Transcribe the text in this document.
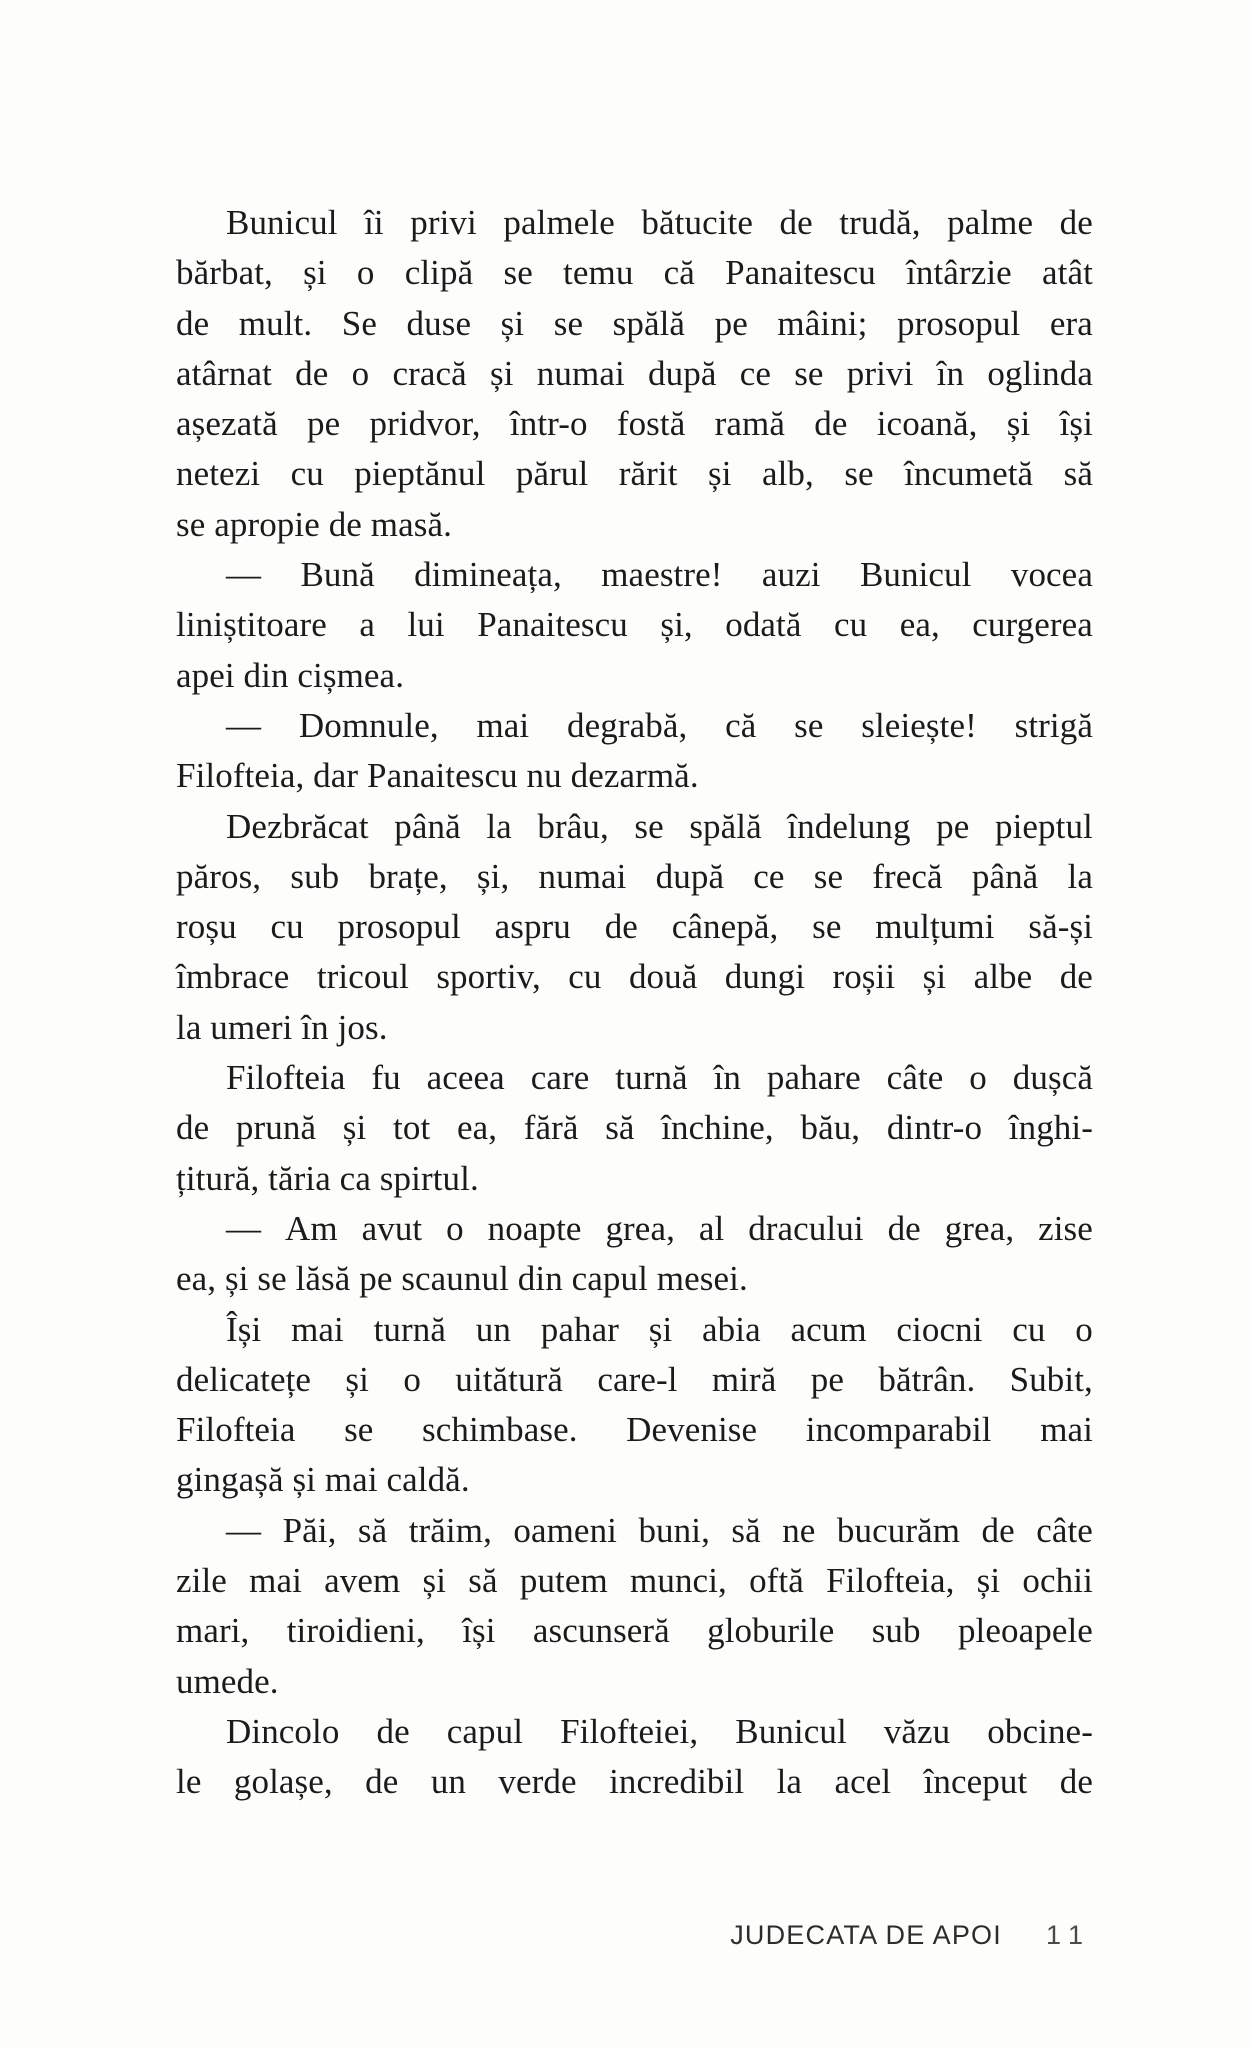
Bunicul îi privi palmele bătucite de trudă, palme de
bărbat, și o clipă se temu că Panaitescu întârzie atât
de mult. Se duse și se spălă pe mâini; prosopul era
atârnat de o cracă și numai după ce se privi în oglinda
așezată pe pridvor, într-o fostă ramă de icoană, și își
netezi cu pieptănul părul rărit și alb, se încumetă să
se apropie de masă.
— Bună dimineața, maestre! auzi Bunicul vocea
liniștitoare a lui Panaitescu și, odată cu ea, curgerea
apei din cișmea.
— Domnule, mai degrabă, că se sleiește! strigă
Filofteia, dar Panaitescu nu dezarmă.
Dezbrăcat până la brâu, se spălă îndelung pe pieptul
păros, sub brațe, și, numai după ce se frecă până la
roșu cu prosopul aspru de cânepă, se mulțumi să-și
îmbrace tricoul sportiv, cu două dungi roșii și albe de
la umeri în jos.
Filofteia fu aceea care turnă în pahare câte o dușcă
de prună și tot ea, fără să închine, bău, dintr-o înghi-
țitură, tăria ca spirtul.
— Am avut o noapte grea, al dracului de grea, zise
ea, și se lăsă pe scaunul din capul mesei.
Își mai turnă un pahar și abia acum ciocni cu o
delicatețe și o uitătură care-l miră pe bătrân. Subit,
Filofteia se schimbase. Devenise incomparabil mai
gingașă și mai caldă.
— Păi, să trăim, oameni buni, să ne bucurăm de câte
zile mai avem și să putem munci, oftă Filofteia, și ochii
mari, tiroidieni, își ascunseră globurile sub pleoapele
umede.
Dincolo de capul Filofteiei, Bunicul văzu obcine-
le golașe, de un verde incredibil la acel început de
JUDECATA DE APOI 11
